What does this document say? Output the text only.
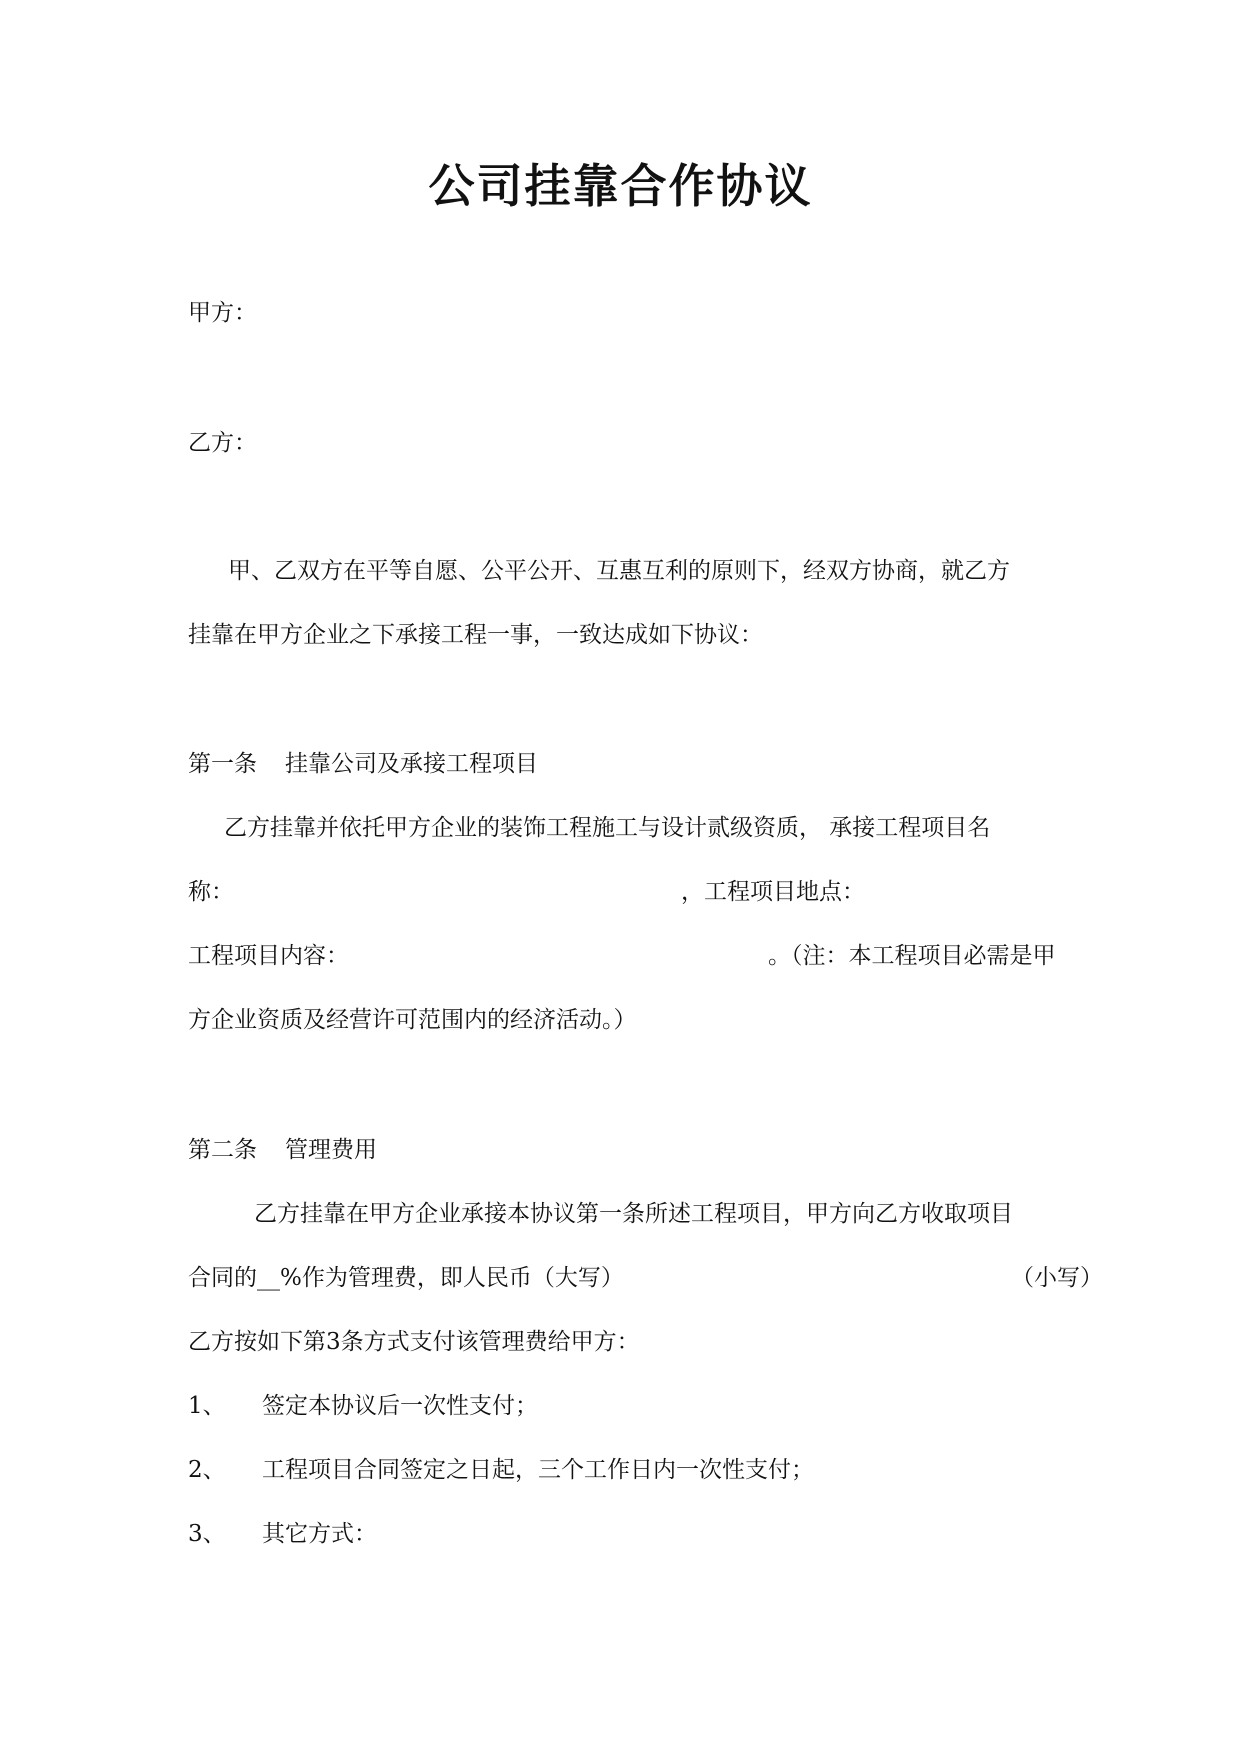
公司挂靠合作协议
甲方：
乙方：
甲、乙双方在平等自愿、公平公开、互惠互利的原则下，经双方协商，就乙方
挂靠在甲方企业之下承接工程一事，一致达成如下协议：
第一条 挂靠公司及承接工程项目
乙方挂靠并依托甲方企业的装饰工程施工与设计贰级资质， 承接工程项目名
称：	，工程项目地点：
工程项目内容：	。（注：本工程项目必需是甲
方企业资质及经营许可范围内的经济活动。）
第二条 管理费用
乙方挂靠在甲方企业承接本协议第一条所述工程项目，甲方向乙方收取项目
合同的__%作为管理费，即人民币（大写）	（小写）
乙方按如下第3条方式支付该管理费给甲方：
1、 签定本协议后一次性支付；
2、 工程项目合同签定之日起，三个工作日内一次性支付；
3、 其它方式：
